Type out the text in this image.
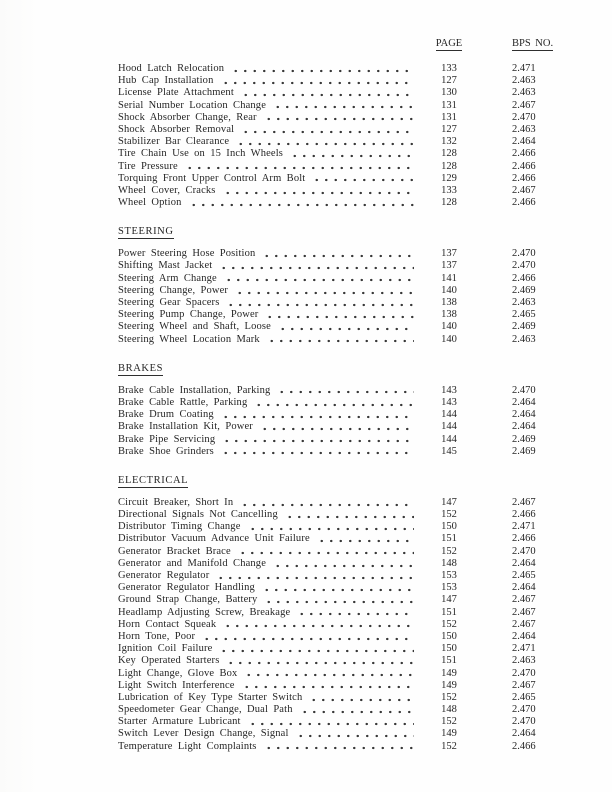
PAGE	BPS NO.
Hood Latch Relocation	133	2.471
Hub Cap Installation	127	2.463
License Plate Attachment	130	2.463
Serial Number Location Change	131	2.467
Shock Absorber Change, Rear	131	2.470
Shock Absorber Removal	127	2.463
Stabilizer Bar Clearance	132	2.464
Tire Chain Use on 15 Inch Wheels	128	2.466
Tire Pressure	128	2.466
Torquing Front Upper Control Arm Bolt	129	2.466
Wheel Cover, Cracks	133	2.467
Wheel Option	128	2.466
STEERING
Power Steering Hose Position	137	2.470
Shifting Mast Jacket	137	2.470
Steering Arm Change	141	2.466
Steering Change, Power	140	2.469
Steering Gear Spacers	138	2.463
Steering Pump Change, Power	138	2.465
Steering Wheel and Shaft, Loose	140	2.469
Steering Wheel Location Mark	140	2.463
BRAKES
Brake Cable Installation, Parking	143	2.470
Brake Cable Rattle, Parking	143	2.464
Brake Drum Coating	144	2.464
Brake Installation Kit, Power	144	2.464
Brake Pipe Servicing	144	2.469
Brake Shoe Grinders	145	2.469
ELECTRICAL
Circuit Breaker, Short In	147	2.467
Directional Signals Not Cancelling	152	2.466
Distributor Timing Change	150	2.471
Distributor Vacuum Advance Unit Failure	151	2.466
Generator Bracket Brace	152	2.470
Generator and Manifold Change	148	2.464
Generator Regulator	153	2.465
Generator Regulator Handling	153	2.464
Ground Strap Change, Battery	147	2.467
Headlamp Adjusting Screw, Breakage	151	2.467
Horn Contact Squeak	152	2.467
Horn Tone, Poor	150	2.464
Ignition Coil Failure	150	2.471
Key Operated Starters	151	2.463
Light Change, Glove Box	149	2.470
Light Switch Interference	149	2.467
Lubrication of Key Type Starter Switch	152	2.465
Speedometer Gear Change, Dual Path	148	2.470
Starter Armature Lubricant	152	2.470
Switch Lever Design Change, Signal	149	2.464
Temperature Light Complaints	152	2.466
